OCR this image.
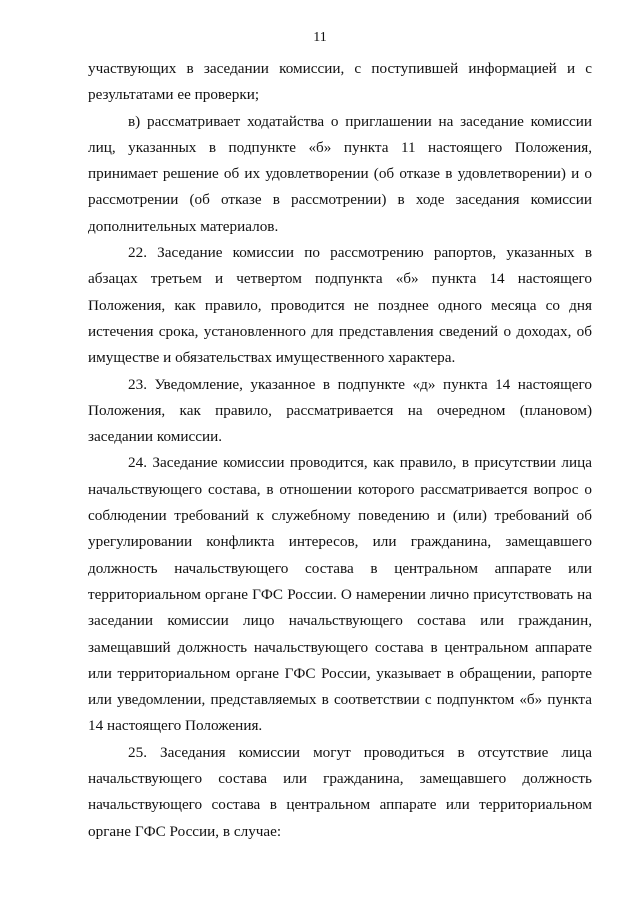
11

участвующих в заседании комиссии, с поступившей информацией и с результатами ее проверки;

в) рассматривает ходатайства о приглашении на заседание комиссии лиц, указанных в подпункте «б» пункта 11 настоящего Положения, принимает решение об их удовлетворении (об отказе в удовлетворении) и о рассмотрении (об отказе в рассмотрении) в ходе заседания комиссии дополнительных материалов.

22. Заседание комиссии по рассмотрению рапортов, указанных в абзацах третьем и четвертом подпункта «б» пункта 14 настоящего Положения, как правило, проводится не позднее одного месяца со дня истечения срока, установленного для представления сведений о доходах, об имуществе и обязательствах имущественного характера.

23. Уведомление, указанное в подпункте «д» пункта 14 настоящего Положения, как правило, рассматривается на очередном (плановом) заседании комиссии.

24. Заседание комиссии проводится, как правило, в присутствии лица начальствующего состава, в отношении которого рассматривается вопрос о соблюдении требований к служебному поведению и (или) требований об урегулировании конфликта интересов, или гражданина, замещавшего должность начальствующего состава в центральном аппарате или территориальном органе ГФС России. О намерении лично присутствовать на заседании комиссии лицо начальствующего состава или гражданин, замещавший должность начальствующего состава в центральном аппарате или территориальном органе ГФС России, указывает в обращении, рапорте или уведомлении, представляемых в соответствии с подпунктом «б» пункта 14 настоящего Положения.

25. Заседания комиссии могут проводиться в отсутствие лица начальствующего состава или гражданина, замещавшего должность начальствующего состава в центральном аппарате или территориальном органе ГФС России, в случае:
